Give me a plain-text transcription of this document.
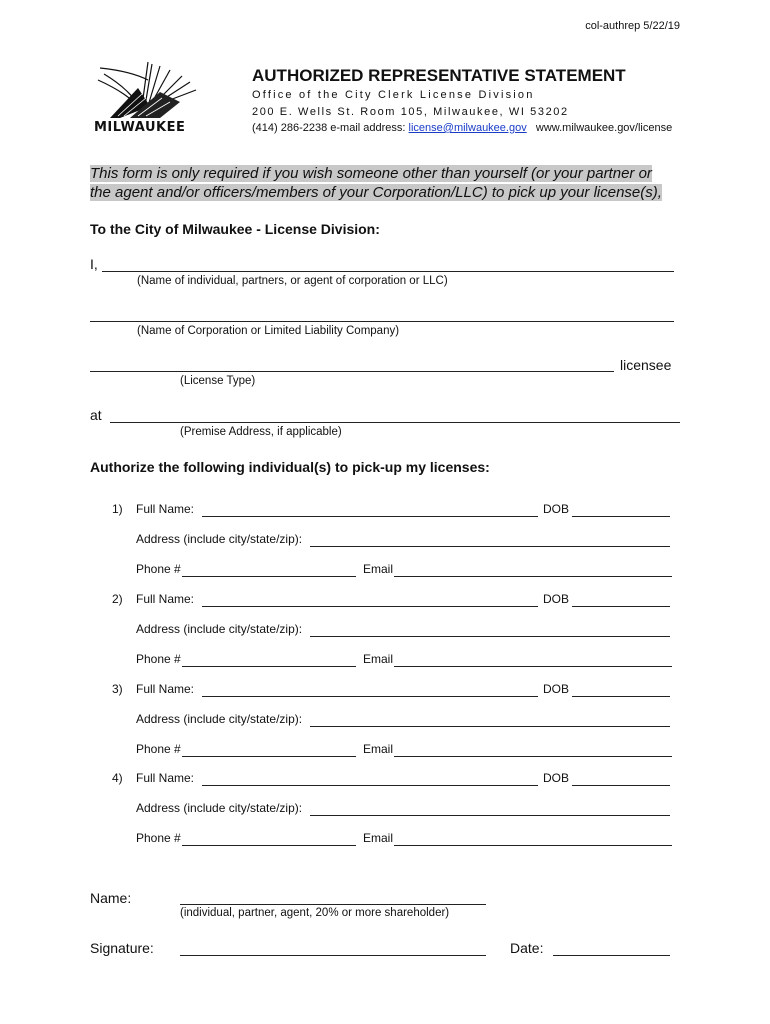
col-authrep 5/22/19
MILWAUKEE
AUTHORIZED REPRESENTATIVE STATEMENT
Office of the City Clerk License Division
200 E. Wells St. Room 105, Milwaukee, WI 53202
(414) 286-2238 e-mail address: license@milwaukee.gov www.milwaukee.gov/license
This form is only required if you wish someone other than yourself (or your partner or the agent and/or officers/members of your Corporation/LLC) to pick up your license(s),
To the City of Milwaukee - License Division:
I,
(Name of individual, partners, or agent of corporation or LLC)
(Name of Corporation or Limited Liability Company)
licensee
(License Type)
at
(Premise Address, if applicable)
Authorize the following individual(s) to pick-up my licenses:
1) Full Name:	DOB
Address (include city/state/zip):
Phone #	Email
2) Full Name:	DOB
Address (include city/state/zip):
Phone #	Email
3) Full Name:	DOB
Address (include city/state/zip):
Phone #	Email
4) Full Name:	DOB
Address (include city/state/zip):
Phone #	Email
Name:
(individual, partner, agent, 20% or more shareholder)
Signature:	Date:
